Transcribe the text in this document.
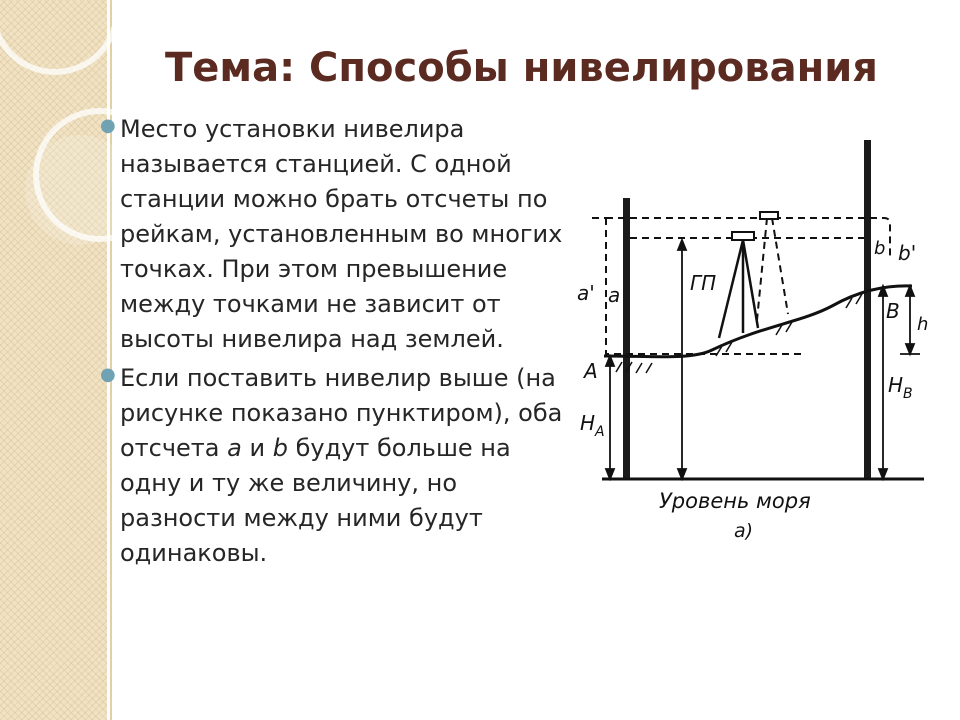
Тема: Способы нивелирования
● Место установки нивелира называется станцией. С одной станции можно брать отсчеты по рейкам, установленным во многих точках. При этом превышение между точками не зависит от высоты нивелира над землей.
● Если поставить нивелир выше (на рисунке показано пунктиром), оба отсчета a и b будут больше на одну и ту же величину, но разности между ними будут одинаковы.
a' a	ГП
b b'
B
h
A
$H_A$
$H_B$
Уровень моря
а)
